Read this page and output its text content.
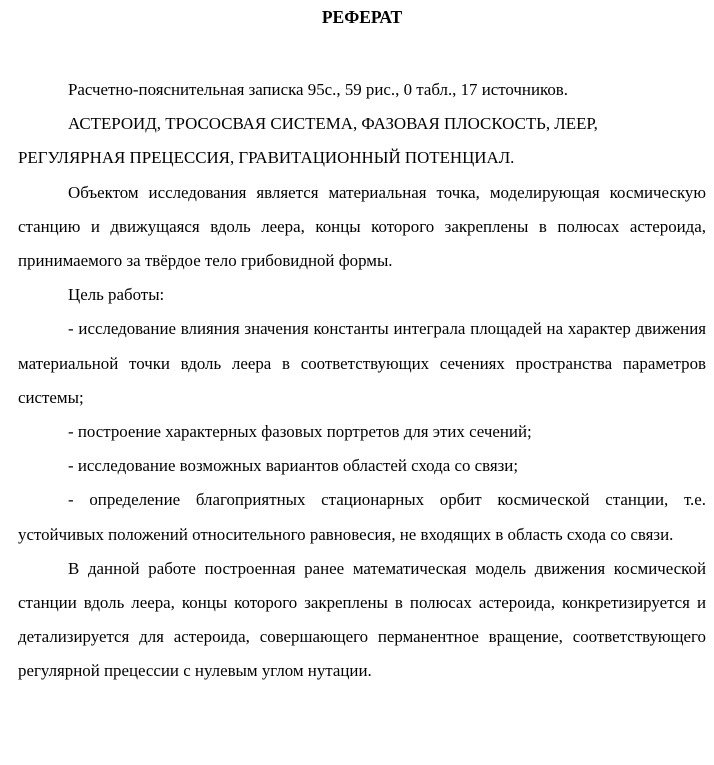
РЕФЕРАТ

Расчетно-пояснительная записка 95с., 59 рис., 0 табл., 17 источников.

АСТЕРОИД, ТРОСОСВАЯ СИСТЕМА, ФАЗОВАЯ ПЛОСКОСТЬ, ЛЕЕР, РЕГУЛЯРНАЯ ПРЕЦЕССИЯ, ГРАВИТАЦИОННЫЙ ПОТЕНЦИАЛ.

Объектом исследования является материальная точка, моделирующая космическую станцию и движущаяся вдоль леера, концы которого закреплены в полюсах астероида, принимаемого за твёрдое тело грибовидной формы.

Цель работы:

- исследование влияния значения константы интеграла площадей на характер движения материальной точки вдоль леера в соответствующих сечениях пространства параметров системы;

- построение характерных фазовых портретов для этих сечений;

- исследование возможных вариантов областей схода со связи;

- определение благоприятных стационарных орбит космической станции, т.е. устойчивых положений относительного равновесия, не входящих в область схода со связи.

В данной работе построенная ранее математическая модель движения космической станции вдоль леера, концы которого закреплены в полюсах астероида, конкретизируется и детализируется для астероида, совершающего перманентное вращение, соответствующего регулярной прецессии с нулевым углом нутации.
